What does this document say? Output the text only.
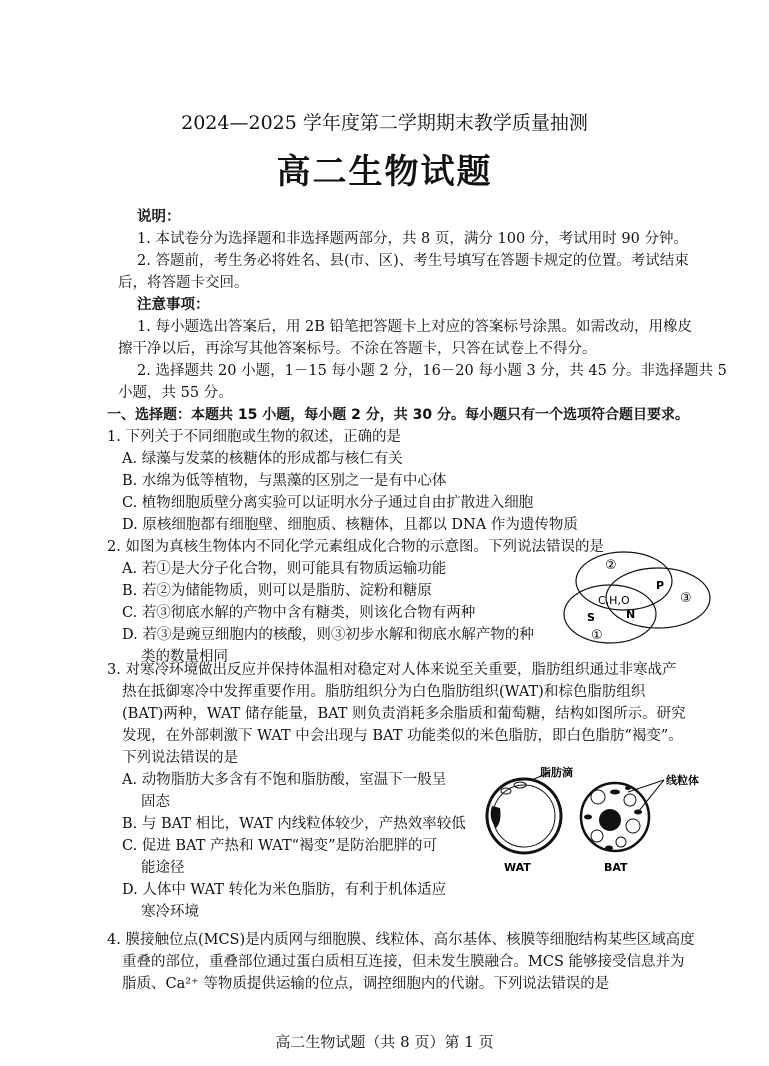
2024—2025 学年度第二学期期末教学质量抽测
高二生物试题
说明：
1. 本试卷分为选择题和非选择题两部分，共 8 页，满分 100 分，考试用时 90 分钟。
2. 答题前，考生务必将姓名、县(市、区)、考生号填写在答题卡规定的位置。考试结束
后，将答题卡交回。
注意事项：
1. 每小题选出答案后，用 2B 铅笔把答题卡上对应的答案标号涂黑。如需改动，用橡皮
擦干净以后，再涂写其他答案标号。不涂在答题卡，只答在试卷上不得分。
2. 选择题共 20 小题，1－15 每小题 2 分，16－20 每小题 3 分，共 45 分。非选择题共 5
小题，共 55 分。
一、选择题：本题共 15 小题，每小题 2 分，共 30 分。每小题只有一个选项符合题目要求。
1. 下列关于不同细胞或生物的叙述，正确的是
A. 绿藻与发菜的核糖体的形成都与核仁有关
B. 水绵为低等植物，与黑藻的区别之一是有中心体
C. 植物细胞质壁分离实验可以证明水分子通过自由扩散进入细胞
D. 原核细胞都有细胞壁、细胞质、核糖体，且都以 DNA 作为遗传物质
2. 如图为真核生物体内不同化学元素组成化合物的示意图。下列说法错误的是
A. 若①是大分子化合物，则可能具有物质运输功能
B. 若②为储能物质，则可以是脂肪、淀粉和糖原
C. 若③彻底水解的产物中含有糖类，则该化合物有两种
D. 若③是豌豆细胞内的核酸，则③初步水解和彻底水解产物的种
类的数量相同
②
③
①
C,H,O
P
S	N
3. 对寒冷环境做出反应并保持体温相对稳定对人体来说至关重要，脂肪组织通过非寒战产
热在抵御寒冷中发挥重要作用。脂肪组织分为白色脂肪组织(WAT)和棕色脂肪组织
(BAT)两种，WAT 储存能量，BAT 则负责消耗多余脂质和葡萄糖，结构如图所示。研究
发现，在外部刺激下 WAT 中会出现与 BAT 功能类似的米色脂肪，即白色脂肪“褐变”。
下列说法错误的是
A. 动物脂肪大多含有不饱和脂肪酸，室温下一般呈
固态
B. 与 BAT 相比，WAT 内线粒体较少，产热效率较低
C. 促进 BAT 产热和 WAT“褐变”是防治肥胖的可
能途径
D. 人体中 WAT 转化为米色脂肪，有利于机体适应
寒冷环境
脂肪滴
WAT
线粒体
BAT
4. 膜接触位点(MCS)是内质网与细胞膜、线粒体、高尔基体、核膜等细胞结构某些区域高度
重叠的部位，重叠部位通过蛋白质相互连接，但未发生膜融合。MCS 能够接受信息并为
脂质、Ca²⁺ 等物质提供运输的位点，调控细胞内的代谢。下列说法错误的是
高二生物试题（共 8 页）第 1 页
